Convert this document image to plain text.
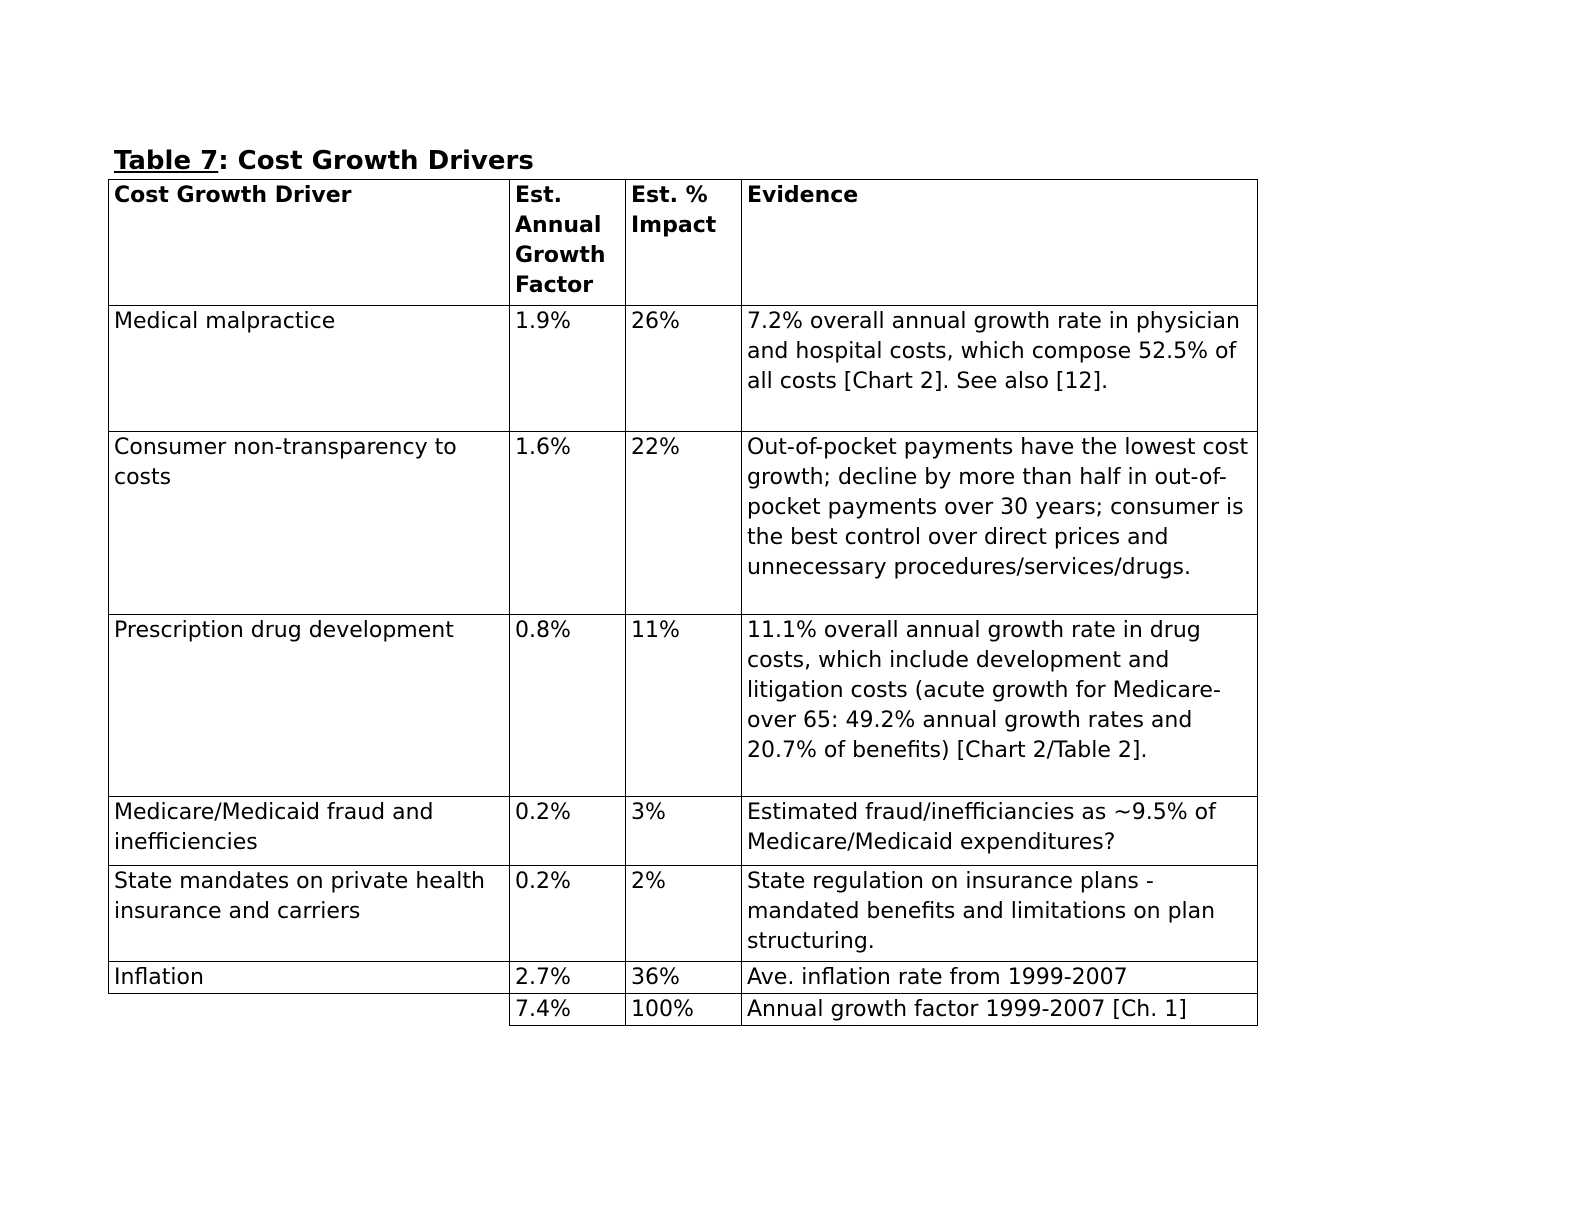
Table 7: Cost Growth Drivers
Cost Growth Driver	Est. Annual Growth Factor	Est. % Impact	Evidence
Medical malpractice	1.9%	26%	7.2% overall annual growth rate in physician and hospital costs, which compose 52.5% of all costs [Chart 2]. See also [12].
Consumer non-transparency to costs	1.6%	22%	Out-of-pocket payments have the lowest cost growth; decline by more than half in out-of-pocket payments over 30 years; consumer is the best control over direct prices and unnecessary procedures/services/drugs.
Prescription drug development	0.8%	11%	11.1% overall annual growth rate in drug costs, which include development and litigation costs (acute growth for Medicare-over 65: 49.2% annual growth rates and 20.7% of benefits) [Chart 2/Table 2].
Medicare/Medicaid fraud and inefficiencies	0.2%	3%	Estimated fraud/inefficiancies as ~9.5% of Medicare/Medicaid expenditures?
State mandates on private health insurance and carriers	0.2%	2%	State regulation on insurance plans - mandated benefits and limitations on plan structuring.
Inflation	2.7%	36%	Ave. inflation rate from 1999-2007
	7.4%	100%	Annual growth factor 1999-2007 [Ch. 1]
